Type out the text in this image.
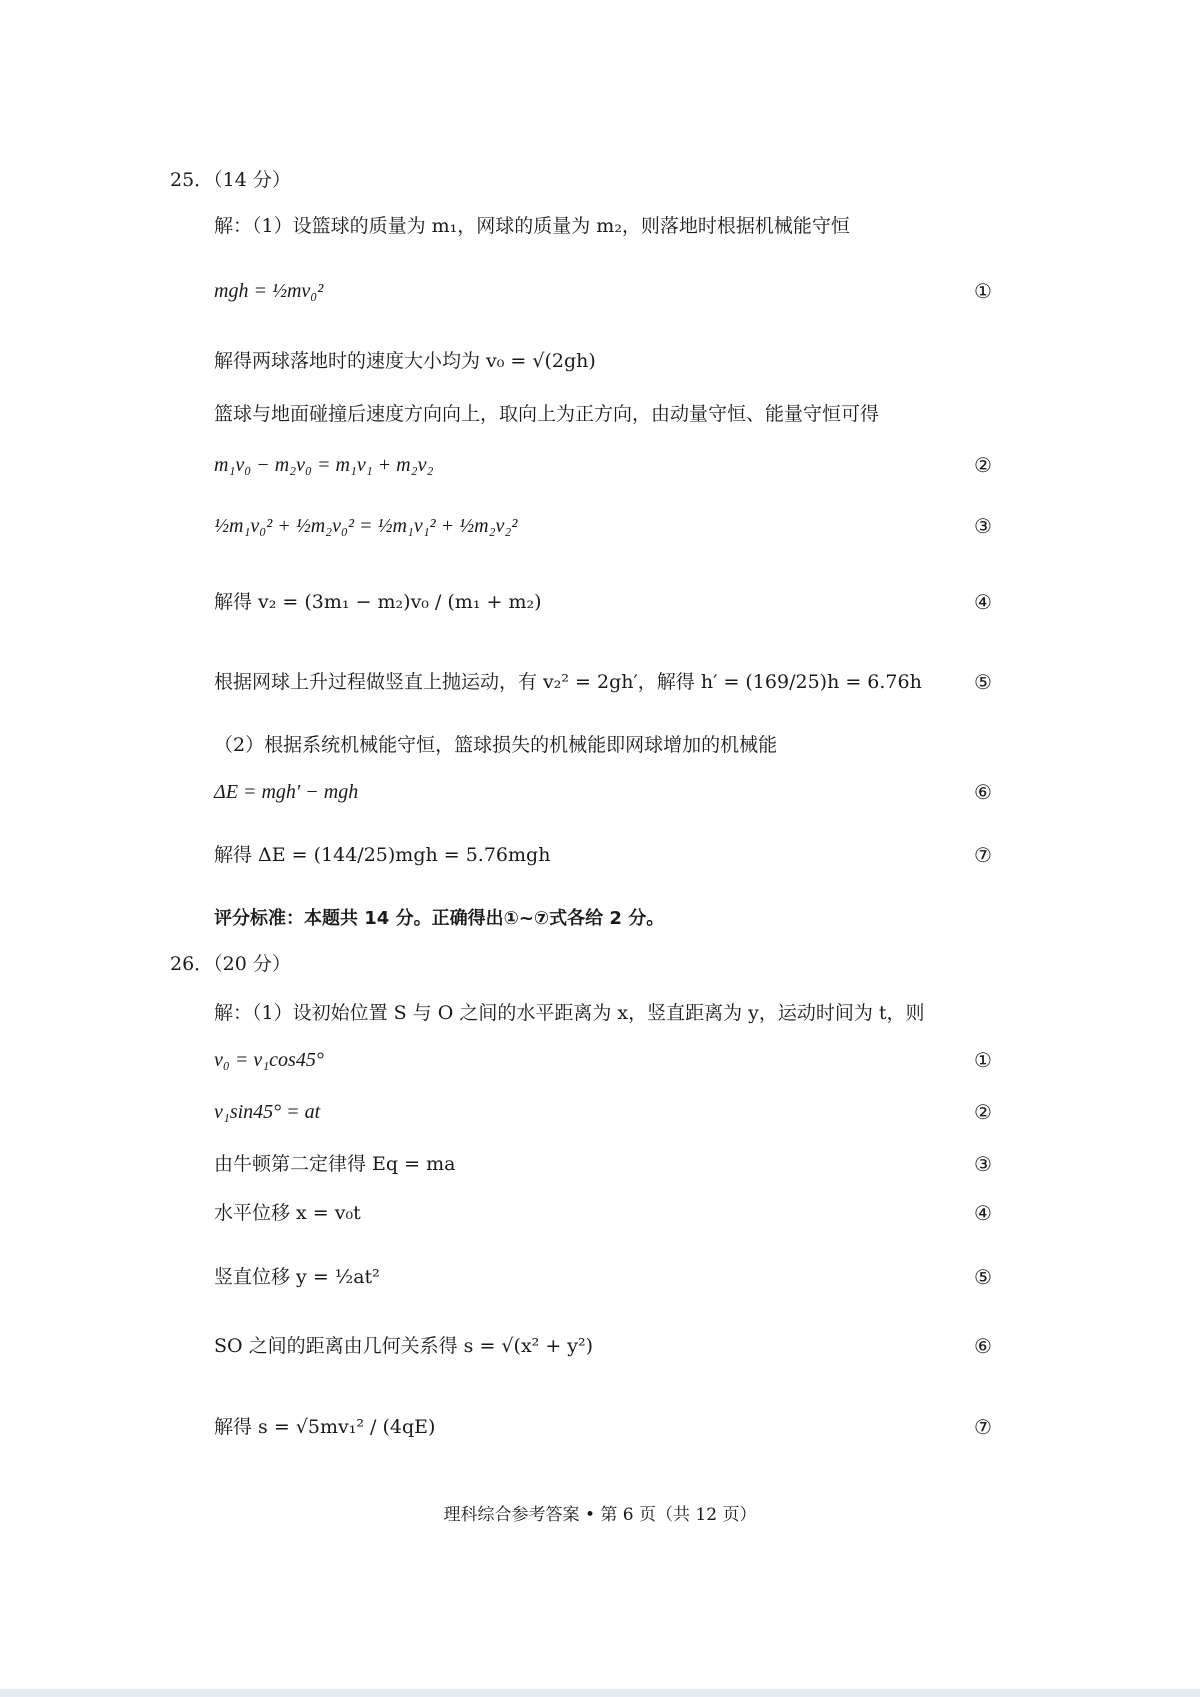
25．（14 分）
解：（1）设篮球的质量为 m₁，网球的质量为 m₂，则落地时根据机械能守恒
mgh = ½mv₀²	①
解得两球落地时的速度大小均为 v₀ = √(2gh)
篮球与地面碰撞后速度方向向上，取向上为正方向，由动量守恒、能量守恒可得
m₁v₀ − m₂v₀ = m₁v₁ + m₂v₂	②
½m₁v₀² + ½m₂v₀² = ½m₁v₁² + ½m₂v₂²	③
解得 v₂ = (3m₁ − m₂)v₀ / (m₁ + m₂)	④
根据网球上升过程做竖直上抛运动，有 v₂² = 2gh′，解得 h′ = (169/25)h = 6.76h	⑤
（2）根据系统机械能守恒，篮球损失的机械能即网球增加的机械能
ΔE = mgh′ − mgh	⑥
解得 ΔE = (144/25)mgh = 5.76mgh	⑦
评分标准：本题共 14 分。正确得出①~⑦式各给 2 分。
26．（20 分）
解：（1）设初始位置 S 与 O 之间的水平距离为 x，竖直距离为 y，运动时间为 t，则
v₀ = v₁cos45°	①
v₁sin45° = at	②
由牛顿第二定律得 Eq = ma	③
水平位移 x = v₀t	④
竖直位移 y = ½at²	⑤
SO 之间的距离由几何关系得 s = √(x² + y²)	⑥
解得 s = √5mv₁² / (4qE)	⑦
理科综合参考答案 • 第 6 页（共 12 页）
